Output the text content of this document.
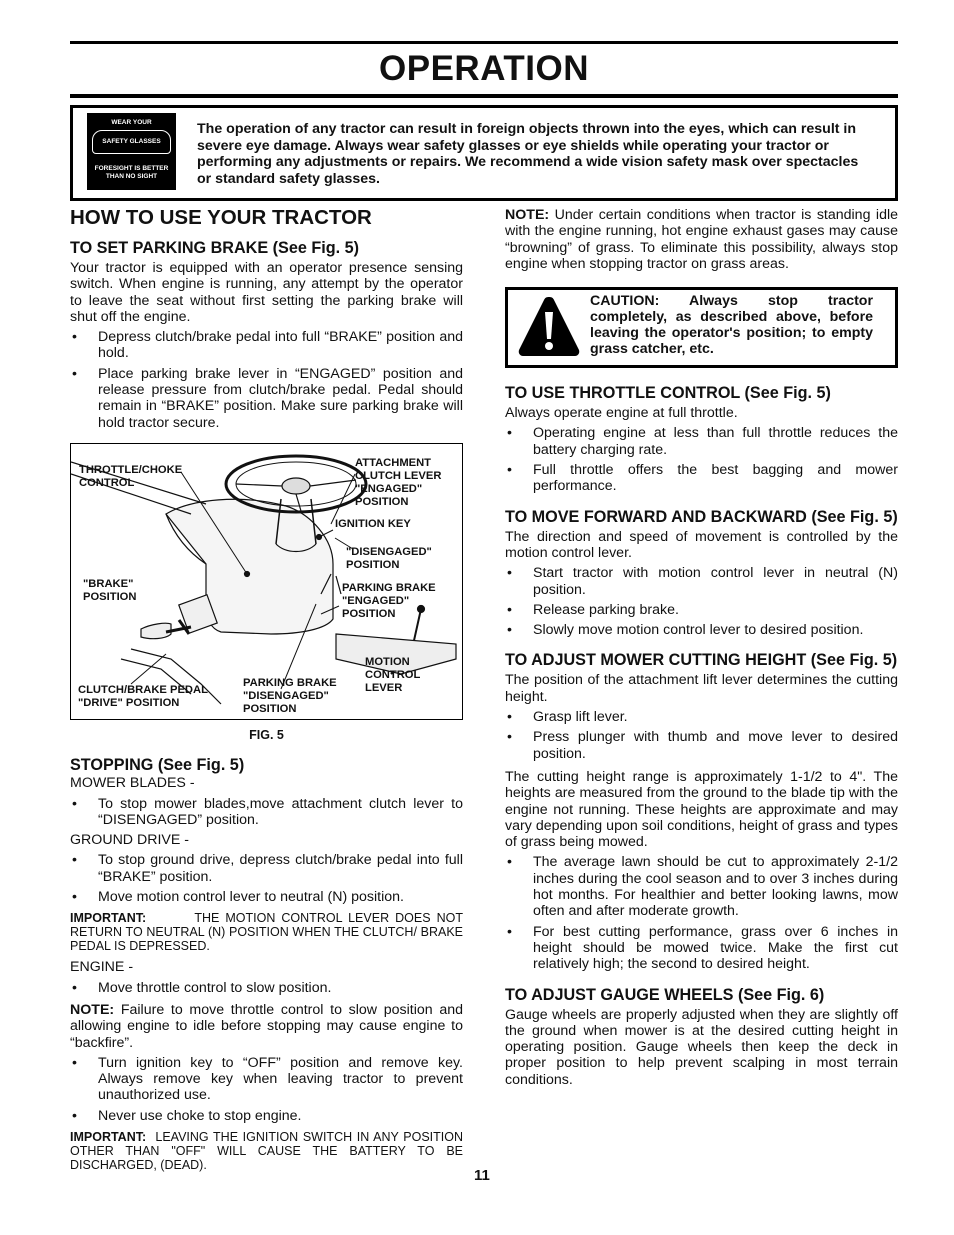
OPERATION
WEAR YOUR
SAFETY GLASSES
FORESIGHT IS BETTER THAN NO SIGHT
The operation of any tractor can result in foreign objects thrown into the eyes, which can result in severe eye damage. Always wear safety glasses or eye shields while operating your tractor or performing any adjustments or repairs. We recommend a wide vision safety mask over spectacles or standard safety glasses.
HOW TO USE YOUR TRACTOR
TO SET PARKING BRAKE (See Fig. 5)

Your tractor is equipped with an operator presence sensing switch. When engine is running, any attempt by the operator to leave the seat without first setting the parking brake will shut off the engine.

• Depress clutch/brake pedal into full “BRAKE” position and hold.
• Place parking brake lever in “ENGAGED” position and release pressure from clutch/brake pedal. Pedal should remain in “BRAKE” position. Make sure parking brake will hold tractor secure.
THROTTLE/CHOKE CONTROL
ATTACHMENT CLUTCH LEVER "ENGAGED" POSITION
IGNITION KEY
"DISENGAGED" POSITION
"BRAKE" POSITION
PARKING BRAKE "ENGAGED" POSITION
MOTION CONTROL LEVER
CLUTCH/BRAKE PEDAL "DRIVE" POSITION
PARKING BRAKE "DISENGAGED" POSITION
FIG. 5
STOPPING (See Fig. 5)

MOWER BLADES -

• To stop mower blades,move attachment clutch lever to “DISENGAGED” position.

GROUND DRIVE -

• To stop ground drive, depress clutch/brake pedal into full “BRAKE” position.
• Move motion control lever to neutral (N) position.

IMPORTANT:	THE MOTION CONTROL LEVER DOES NOT RETURN TO NEUTRAL (N) POSITION WHEN THE CLUTCH/ BRAKE PEDAL IS DEPRESSED.

ENGINE -

• Move throttle control to slow position.

NOTE: Failure to move throttle control to slow position and allowing engine to idle before stopping may cause engine to “backfire”.

• Turn ignition key to “OFF” position and remove key. Always remove key when leaving tractor to prevent unauthorized use.
• Never use choke to stop engine.

IMPORTANT: LEAVING THE IGNITION SWITCH IN ANY POSITION OTHER THAN "OFF" WILL CAUSE THE BATTERY TO BE DISCHARGED, (DEAD).

NOTE: Under certain conditions when tractor is standing idle with the engine running, hot engine exhaust gases may cause “browning” of grass. To eliminate this possibility, always stop engine when stopping tractor on grass areas.

CAUTION: Always stop tractor completely, as described above, before leaving the operator's position; to empty grass catcher, etc.
TO USE THROTTLE CONTROL (See Fig. 5)

Always operate engine at full throttle.

• Operating engine at less than full throttle reduces the battery charging rate.
• Full throttle offers the best bagging and mower performance.
TO MOVE FORWARD AND BACKWARD (See Fig. 5)

The direction and speed of movement is controlled by the motion control lever.

• Start tractor with motion control lever in neutral (N) position.
• Release parking brake.
• Slowly move motion control lever to desired position.
TO ADJUST MOWER CUTTING HEIGHT (See Fig. 5)

The position of the attachment lift lever determines the cutting height.

• Grasp lift lever.
• Press plunger with thumb and move lever to desired position.

The cutting height range is approximately 1-1/2 to 4". The heights are measured from the ground to the blade tip with the engine not running. These heights are approximate and may vary depending upon soil conditions, height of grass and types of grass being mowed.

• The average lawn should be cut to approximately 2-1/2 inches during the cool season and to over 3 inches during hot months. For healthier and better looking lawns, mow often and after moderate growth.
• For best cutting performance, grass over 6 inches in height should be mowed twice. Make the first cut relatively high; the second to desired height.
TO ADJUST GAUGE WHEELS (See Fig. 6)

Gauge wheels are properly adjusted when they are slightly off the ground when mower is at the desired cutting height in operating position. Gauge wheels then keep the deck in proper position to help prevent scalping in most terrain conditions.

11
